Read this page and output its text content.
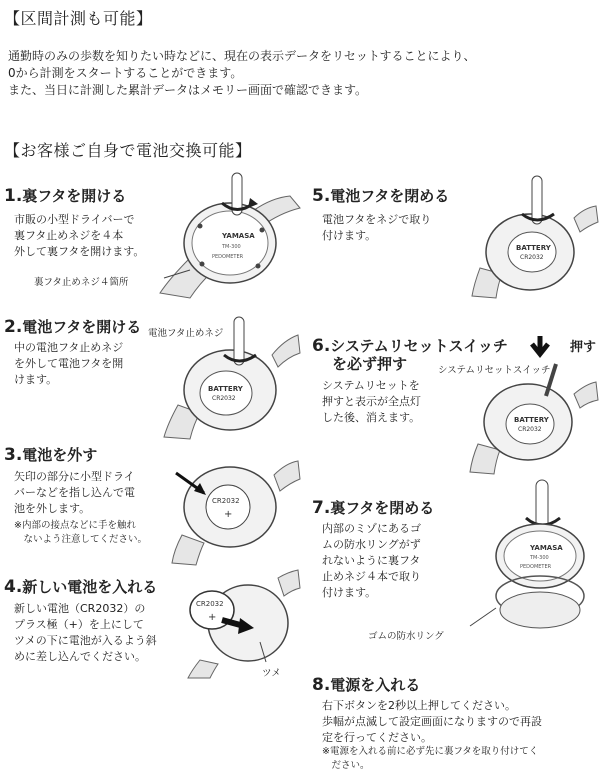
【区間計測も可能】
通勤時のみの歩数を知りたい時などに、現在の表示データをリセットすることにより、
0から計測をスタートすることができます。
また、当日に計測した累計データはメモリー画面で確認できます。
【お客様ご自身で電池交換可能】
1.裏フタを開ける
市販の小型ドライバーで
裏フタ止めネジを４本
外して裏フタを開けます。
裏フタ止めネジ４箇所
YAMASA
TM-300
PEDOMETER
2.電池フタを開ける
中の電池フタ止めネジ
を外して電池フタを開
けます。
電池フタ止めネジ
BATTERY
CR2032
3.電池を外す
矢印の部分に小型ドライ
バーなどを指し込んで電
池を外します。
※内部の接点などに手を触れ
　ないよう注意してください。
CR2032
+
4.新しい電池を入れる
新しい電池（CR2032）の
プラス極（+）を上にして
ツメの下に電池が入るよう斜
めに差し込んでください。
ツメ
CR2032
+
5.電池フタを閉める
電池フタをネジで取り
付けます。
BATTERY
CR2032
6.システムリセットスイッチ
を必ず押す	システムリセットスイッチ
押す
システムリセットを
押すと表示が全点灯
した後、消えます。	BATTERY
CR2032
7.裏フタを閉める
内部のミゾにあるゴ
ムの防水リングがず
れないように裏フタ
止めネジ４本で取り
付けます。
ゴムの防水リング
YAMASA
TM-300
PEDOMETER
8.電源を入れる
右下ボタンを2秒以上押してください。
歩幅が点滅して設定画面になりますので再設
定を行ってください。
※電源を入れる前に必ず先に裏フタを取り付けてく
　ださい。
